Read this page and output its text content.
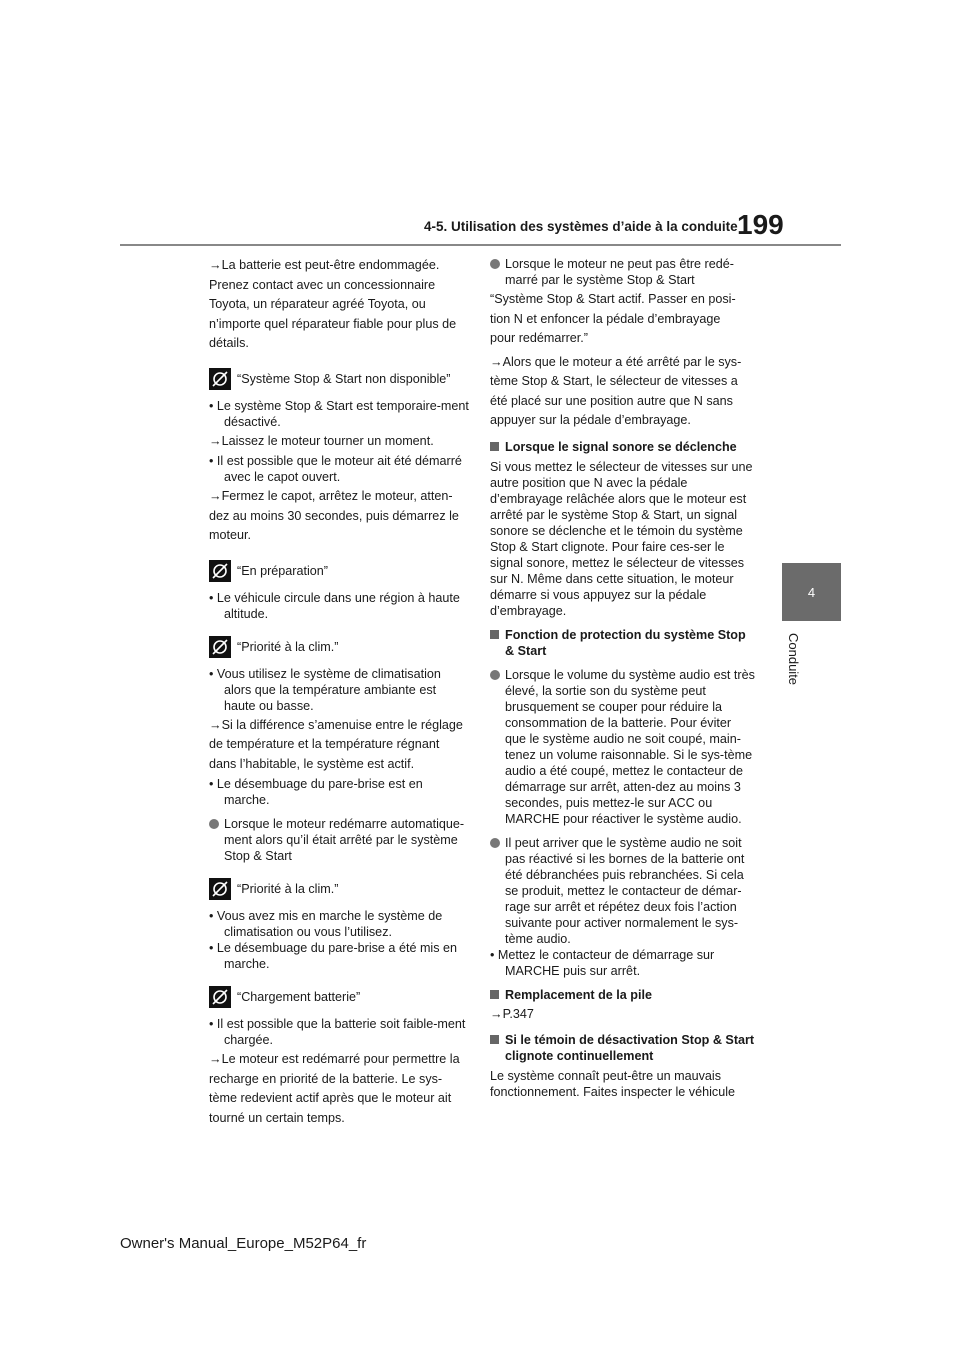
4-5. Utilisation des systèmes d’aide à la conduite 199
4
Conduite

→La batterie est peut-être endommagée.

Prenez contact avec un concessionnaire

Toyota, un réparateur agréé Toyota, ou

n’importe quel réparateur fiable pour plus de

détails.

“Système Stop & Start non disponible”

• Le système Stop & Start est temporaire-ment désactivé.

→Laissez le moteur tourner un moment.

• Il est possible que le moteur ait été démarré avec le capot ouvert.

→Fermez le capot, arrêtez le moteur, atten-

dez au moins 30 secondes, puis démarrez le

moteur.

“En préparation”

• Le véhicule circule dans une région à haute altitude.

“Priorité à la clim.”

• Vous utilisez le système de climatisation alors que la température ambiante est haute ou basse.

→Si la différence s’amenuise entre le réglage

de température et la température régnant

dans l’habitable, le système est actif.

• Le désembuage du pare-brise est en marche.

Lorsque le moteur redémarre automatique-ment alors qu’il était arrêté par le système Stop & Start

“Priorité à la clim.”

• Vous avez mis en marche le système de climatisation ou vous l’utilisez.

• Le désembuage du pare-brise a été mis en marche.

“Chargement batterie”

• Il est possible que la batterie soit faible-ment chargée.

→Le moteur est redémarré pour permettre la

recharge en priorité de la batterie. Le sys-

tème redevient actif après que le moteur ait

tourné un certain temps.

Lorsque le moteur ne peut pas être redé-marré par le système Stop & Start

“Système Stop & Start actif. Passer en posi-

tion N et enfoncer la pédale d’embrayage

pour redémarrer.”

→Alors que le moteur a été arrêté par le sys-

tème Stop & Start, le sélecteur de vitesses a

été placé sur une position autre que N sans

appuyer sur la pédale d’embrayage.

Lorsque le signal sonore se déclenche

Si vous mettez le sélecteur de vitesses sur une autre position que N avec la pédale d’embrayage relâchée alors que le moteur est arrêté par le système Stop & Start, un signal sonore se déclenche et le témoin du système Stop & Start clignote. Pour faire ces-ser le signal sonore, mettez le sélecteur de vitesses sur N. Même dans cette situation, le moteur démarre si vous appuyez sur la pédale d’embrayage.

Fonction de protection du système Stop & Start

Lorsque le volume du système audio est très élevé, la sortie son du système peut brusquement se couper pour réduire la consommation de la batterie. Pour éviter que le système audio ne soit coupé, main-tenez un volume raisonnable. Si le sys-tème audio a été coupé, mettez le contacteur de démarrage sur arrêt, atten-dez au moins 3 secondes, puis mettez-le sur ACC ou MARCHE pour réactiver le système audio.

Il peut arriver que le système audio ne soit pas réactivé si les bornes de la batterie ont été débranchées puis rebranchées. Si cela se produit, mettez le contacteur de démar-rage sur arrêt et répétez deux fois l’action suivante pour activer normalement le sys-tème audio.

• Mettez le contacteur de démarrage sur MARCHE puis sur arrêt.

Remplacement de la pile

→P.347

Si le témoin de désactivation Stop & Start clignote continuellement

Le système connaît peut-être un mauvais fonctionnement. Faites inspecter le véhicule

Owner's Manual_Europe_M52P64_fr
